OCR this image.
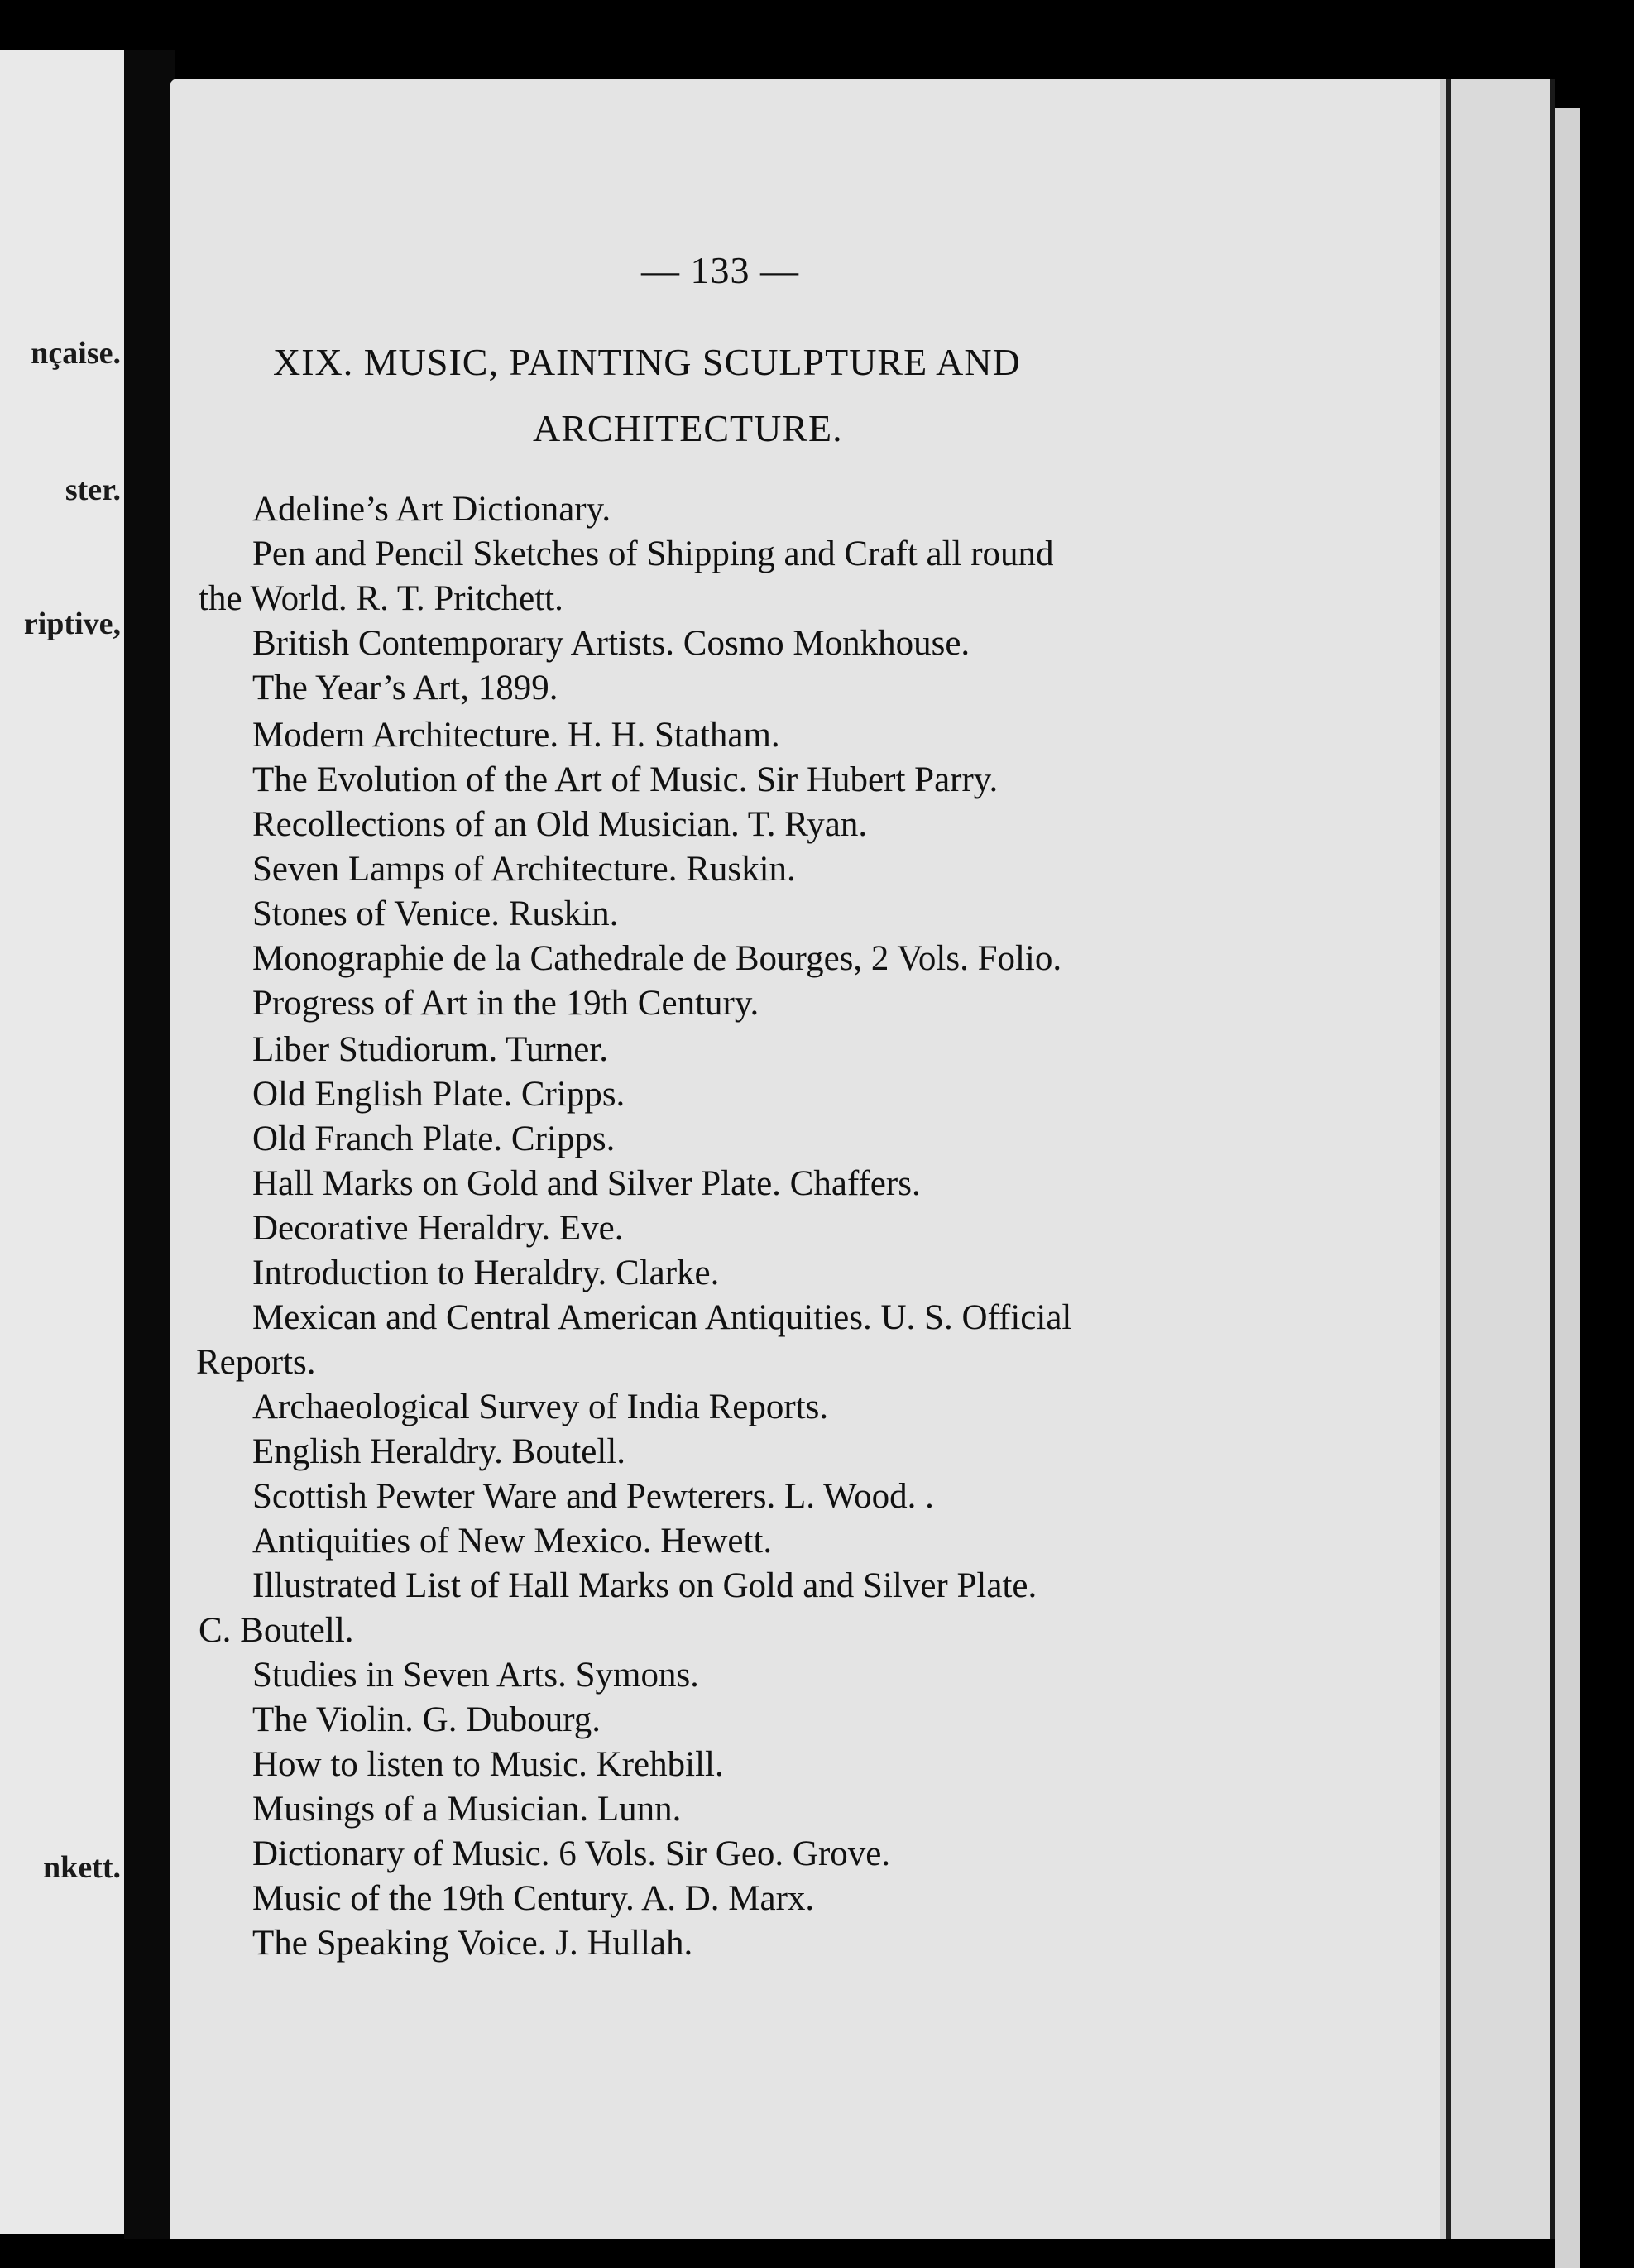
nçaise.
ster.
riptive,
nkett.
— 133 —
XIX. MUSIC, PAINTING SCULPTURE AND
ARCHITECTURE.
Adeline’s Art Dictionary.
Pen and Pencil Sketches of Shipping and Craft all round
the World. R. T. Pritchett.
British Contemporary Artists. Cosmo Monkhouse.
The Year’s Art, 1899.
Modern Architecture. H. H. Statham.
The Evolution of the Art of Music. Sir Hubert Parry.
Recollections of an Old Musician. T. Ryan.
Seven Lamps of Architecture. Ruskin.
Stones of Venice. Ruskin.
Monographie de la Cathedrale de Bourges, 2 Vols. Folio.
Progress of Art in the 19th Century.
Liber Studiorum. Turner.
Old English Plate. Cripps.
Old Franch Plate. Cripps.
Hall Marks on Gold and Silver Plate. Chaffers.
Decorative Heraldry. Eve.
Introduction to Heraldry. Clarke.
Mexican and Central American Antiquities. U. S. Official
Reports.
Archaeological Survey of India Reports.
English Heraldry. Boutell.
Scottish Pewter Ware and Pewterers. L. Wood. .
Antiquities of New Mexico. Hewett.
Illustrated List of Hall Marks on Gold and Silver Plate.
C. Boutell.
Studies in Seven Arts. Symons.
The Violin. G. Dubourg.
How to listen to Music. Krehbill.
Musings of a Musician. Lunn.
Dictionary of Music. 6 Vols. Sir Geo. Grove.
Music of the 19th Century. A. D. Marx.
The Speaking Voice. J. Hullah.
